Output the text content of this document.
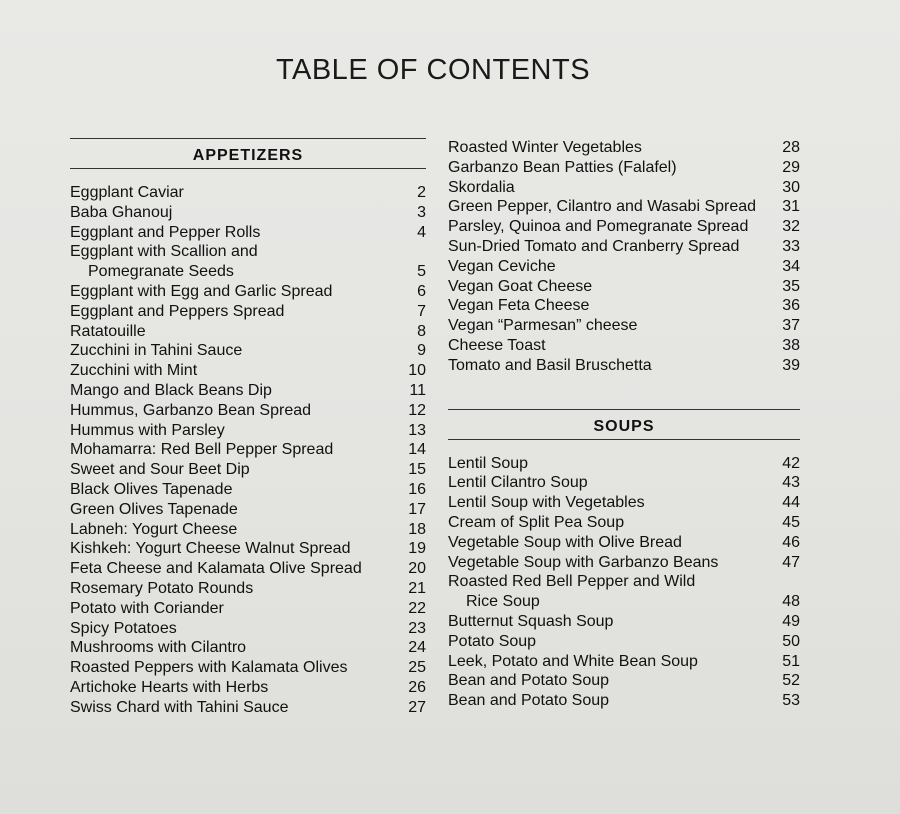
TABLE OF CONTENTS
APPETIZERS
Eggplant Caviar	2
Baba Ghanouj	3
Eggplant and Pepper Rolls	4
Eggplant with Scallion and
Pomegranate Seeds	5
Eggplant with Egg and Garlic Spread	6
Eggplant and Peppers Spread	7
Ratatouille	8
Zucchini in Tahini Sauce	9
Zucchini with Mint	10
Mango and Black Beans Dip	11
Hummus, Garbanzo Bean Spread	12
Hummus with Parsley	13
Mohamarra: Red Bell Pepper Spread	14
Sweet and Sour Beet Dip	15
Black Olives Tapenade	16
Green Olives Tapenade	17
Labneh: Yogurt Cheese	18
Kishkeh: Yogurt Cheese Walnut Spread	19
Feta Cheese and Kalamata Olive Spread	20
Rosemary Potato Rounds	21
Potato with Coriander	22
Spicy Potatoes	23
Mushrooms with Cilantro	24
Roasted Peppers with Kalamata Olives	25
Artichoke Hearts with Herbs	26
Swiss Chard with Tahini Sauce	27
Roasted Winter Vegetables	28
Garbanzo Bean Patties (Falafel)	29
Skordalia	30
Green Pepper, Cilantro and Wasabi Spread	31
Parsley, Quinoa and Pomegranate Spread	32
Sun-Dried Tomato and Cranberry Spread	33
Vegan Ceviche	34
Vegan Goat Cheese	35
Vegan Feta Cheese	36
Vegan “Parmesan” cheese	37
Cheese Toast	38
Tomato and Basil Bruschetta	39
SOUPS
Lentil Soup	42
Lentil Cilantro Soup	43
Lentil Soup with Vegetables	44
Cream of Split Pea Soup	45
Vegetable Soup with Olive Bread	46
Vegetable Soup with Garbanzo Beans	47
Roasted Red Bell Pepper and Wild
Rice Soup	48
Butternut Squash Soup	49
Potato Soup	50
Leek, Potato and White Bean Soup	51
Bean and Potato Soup	52
Bean and Potato Soup	53
